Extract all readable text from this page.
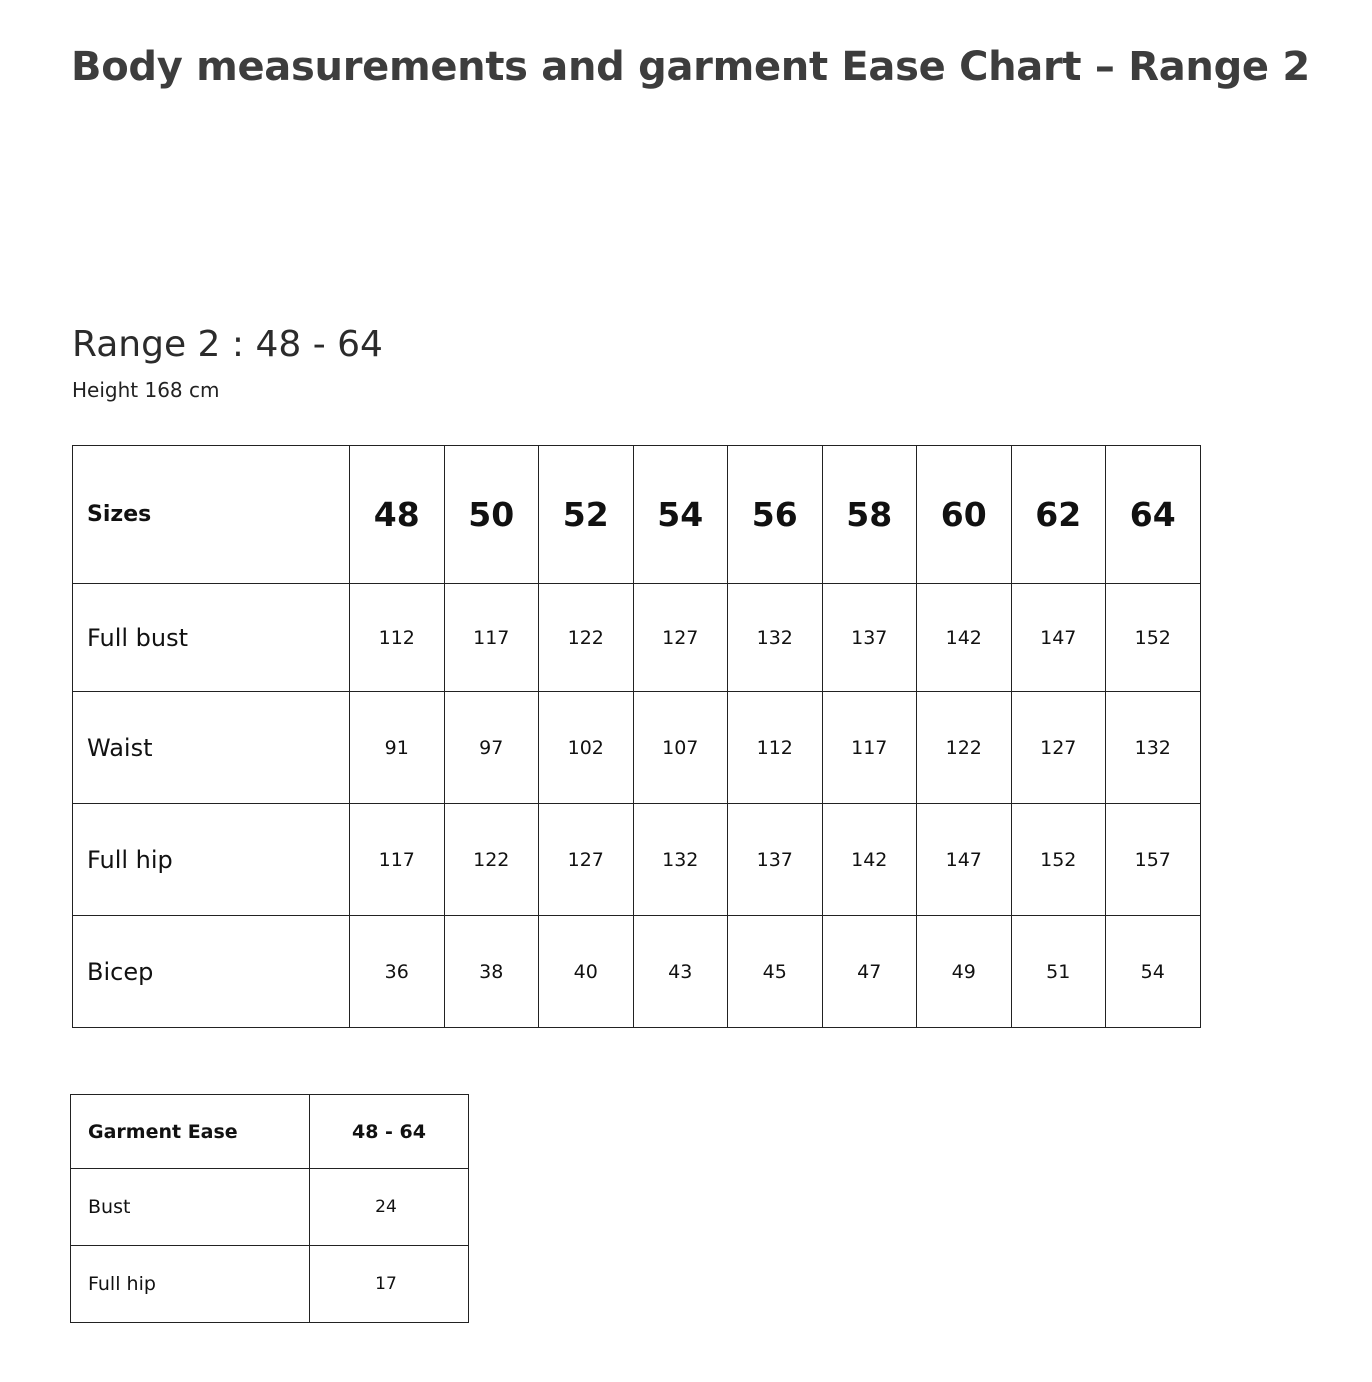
Body measurements and garment Ease Chart – Range 2
Range 2 : 48 - 64

Height 168 cm

Sizes	48	50	52	54	56	58	60	62	64
Full bust	112	117	122	127	132	137	142	147	152
Waist	91	97	102	107	112	117	122	127	132
Full hip	117	122	127	132	137	142	147	152	157
Bicep	36	38	40	43	45	47	49	51	54
Garment Ease	48 - 64
Bust	24
Full hip	17
